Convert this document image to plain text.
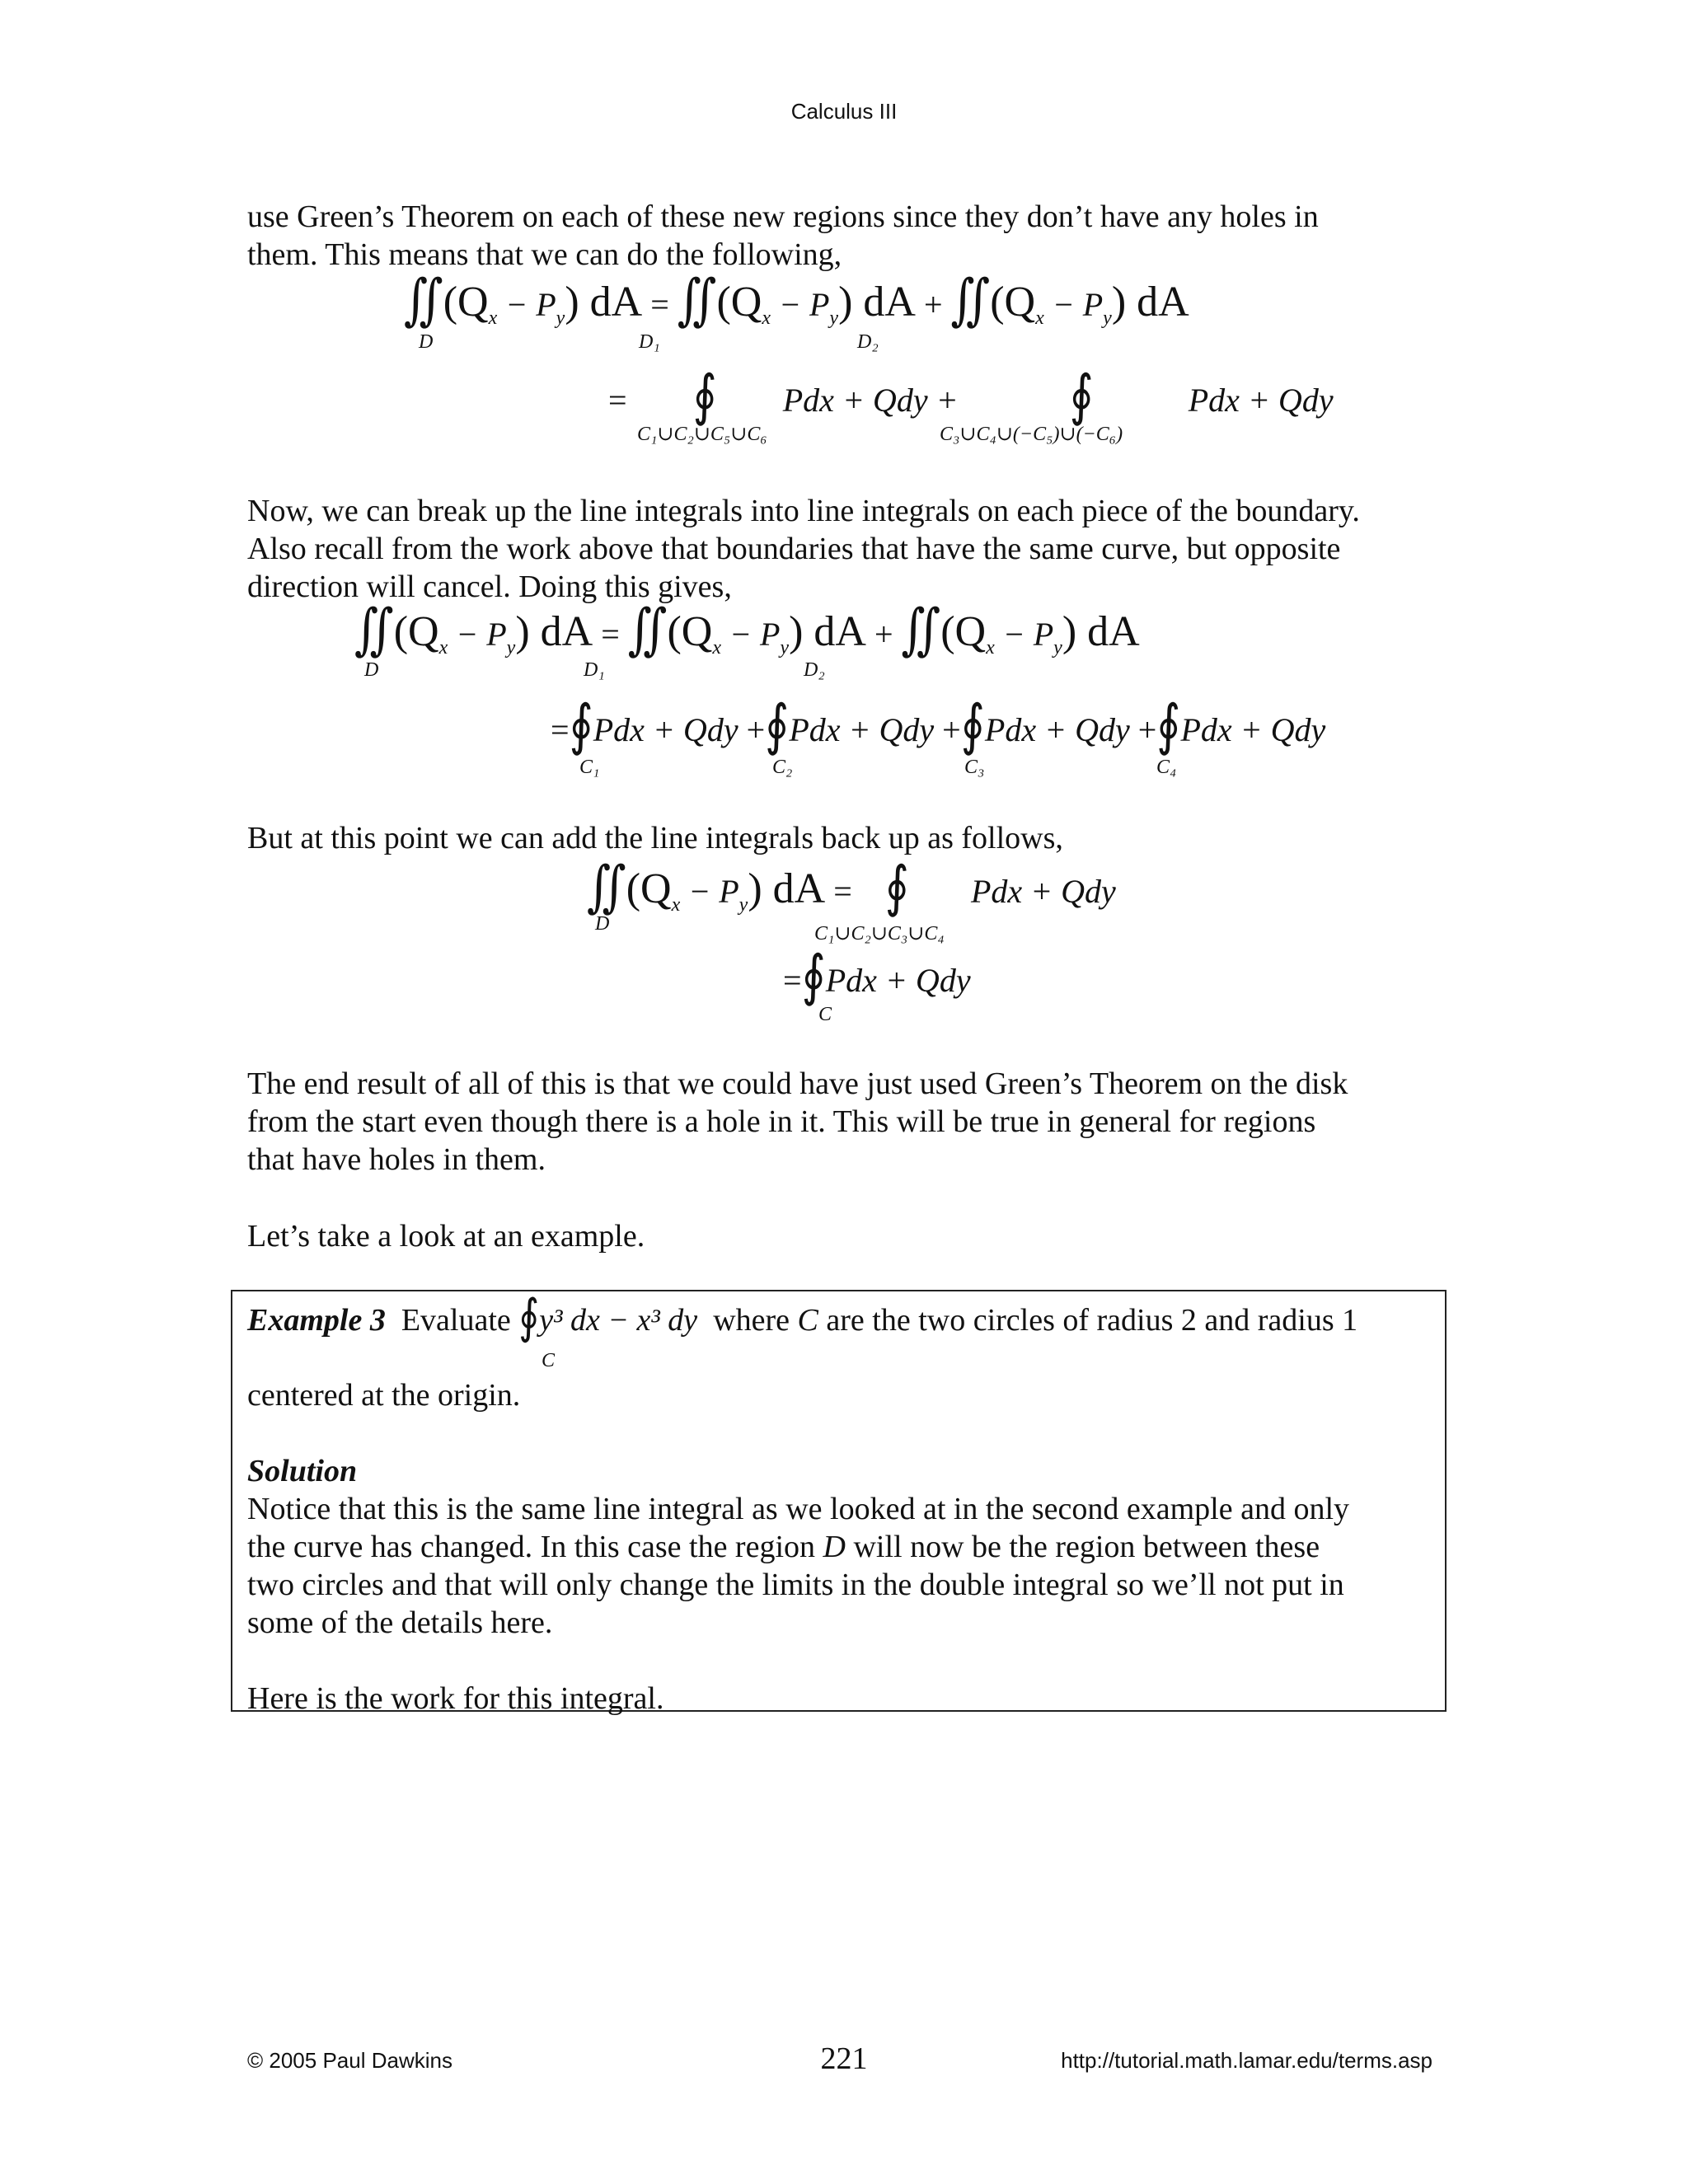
Calculus III

use Green’s Theorem on each of these new regions since they don’t have any holes in

them. This means that we can do the following,

$∬(Q_x - P_y)$ dA = $∬(Q_x - P_y)$ dA + $∬(Q_x - P_y)$ dA
D	D₁	D₂
= ∮ Pdx + Qdy + ∮	Pdx + Qdy
C₁∪C₂∪C₅∪C₆	C₃∪C₄∪(−C₅)∪(−C₆)

Now, we can break up the line integrals into line integrals on each piece of the boundary.

Also recall from the work above that boundaries that have the same curve, but opposite

direction will cancel. Doing this gives,

$∬(Q_x - P_y)$ dA = $∬(Q_x - P_y)$ dA + $∬(Q_x - P_y)$ dA
D	D₁	D₂
=∮Pdx + Qdy +∮Pdx + Qdy +∮Pdx + Qdy +∮Pdx + Qdy
C₁	C₂	C₃	C₄

But at this point we can add the line integrals back up as follows,

$∬(Q_x - P_y)$ dA = ∮ Pdx + Qdy
D	C₁∪C₂∪C₃∪C₄
=∮Pdx + Qdy
C

The end result of all of this is that we could have just used Green’s Theorem on the disk

from the start even though there is a hole in it. This will be true in general for regions

that have holes in them.

Let’s take a look at an example.

Example 3 Evaluate ∮y³ dx − x³ dy where C are the two circles of radius 2 and radius 1
C

centered at the origin.

Solution

Notice that this is the same line integral as we looked at in the second example and only

the curve has changed. In this case the region D will now be the region between these

two circles and that will only change the limits in the double integral so we’ll not put in

some of the details here.

Here is the work for this integral.

© 2005 Paul Dawkins	221	http://tutorial.math.lamar.edu/terms.asp
